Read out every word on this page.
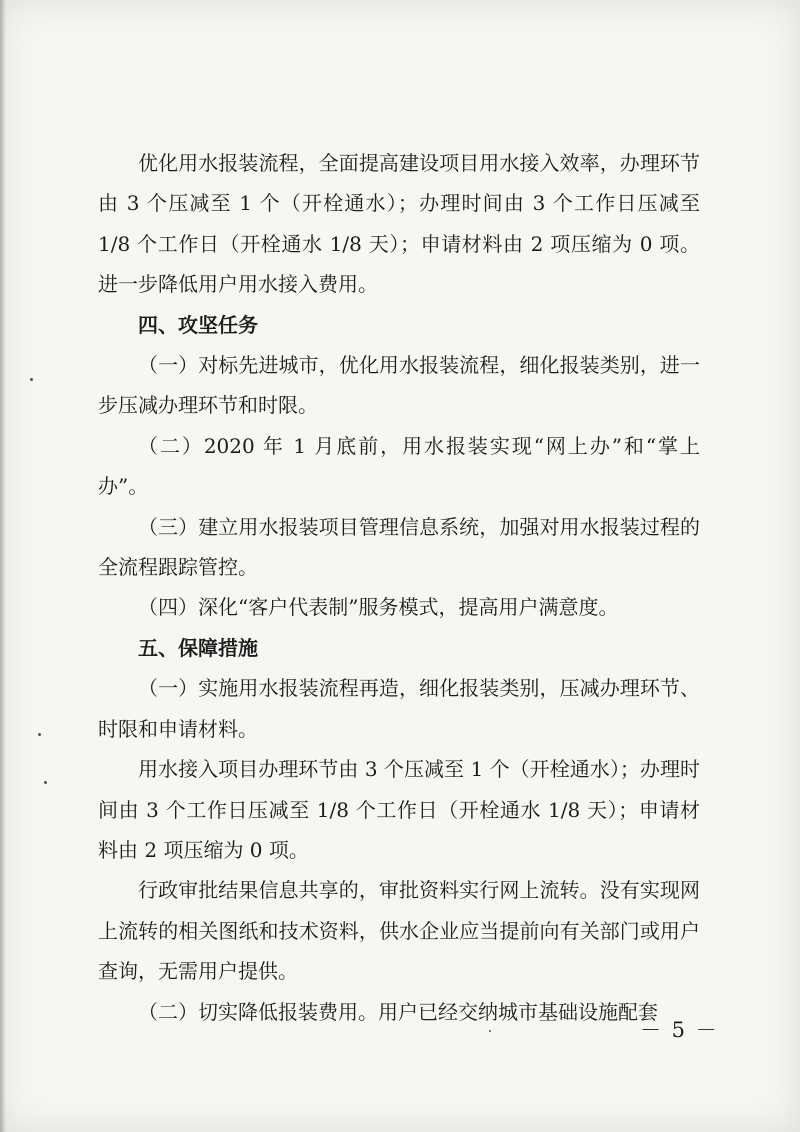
优化用水报装流程，全面提高建设项目用水接入效率，办理环节由 3 个压减至 1 个（开栓通水）；办理时间由 3 个工作日压减至 1/8 个工作日（开栓通水 1/8 天）；申请材料由 2 项压缩为 0 项。进一步降低用户用水接入费用。

四、攻坚任务

（一）对标先进城市，优化用水报装流程，细化报装类别，进一步压减办理环节和时限。

（二）2020 年 1 月底前，用水报装实现“网上办”和“掌上办”。

（三）建立用水报装项目管理信息系统，加强对用水报装过程的全流程跟踪管控。

（四）深化“客户代表制”服务模式，提高用户满意度。

五、保障措施

（一）实施用水报装流程再造，细化报装类别，压减办理环节、时限和申请材料。

用水接入项目办理环节由 3 个压减至 1 个（开栓通水）；办理时间由 3 个工作日压减至 1/8 个工作日（开栓通水 1/8 天）；申请材料由 2 项压缩为 0 项。

行政审批结果信息共享的，审批资料实行网上流转。没有实现网上流转的相关图纸和技术资料，供水企业应当提前向有关部门或用户查询，无需用户提供。

（二）切实降低报装费用。用户已经交纳城市基础设施配套

－ 5 －
